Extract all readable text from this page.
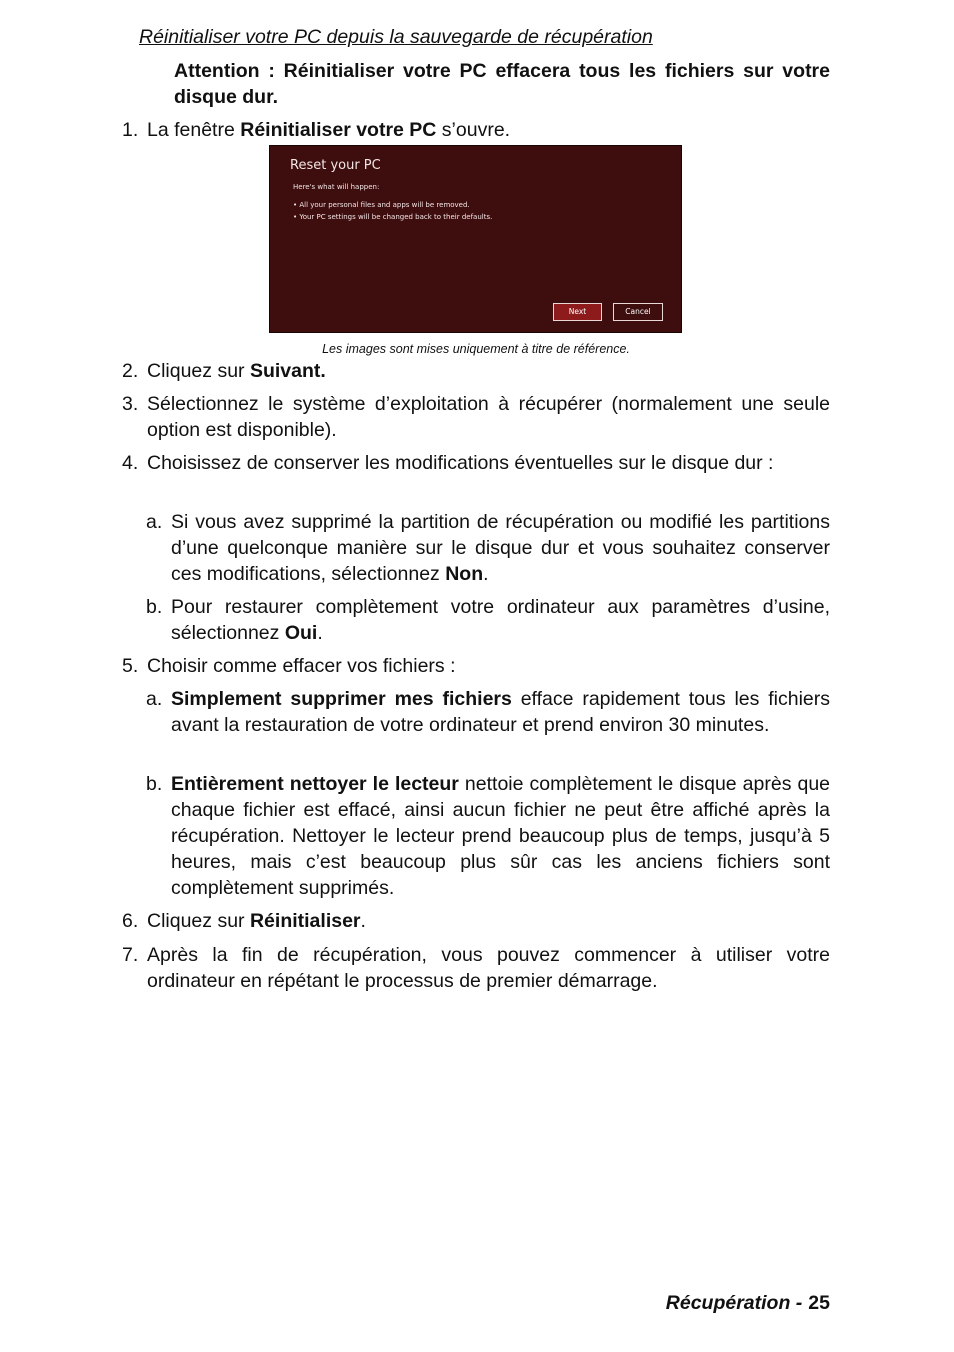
Réinitialiser votre PC depuis la sauvegarde de récupération
Attention : Réinitialiser votre PC effacera tous les fichiers sur votre disque dur.
1. La fenêtre Réinitialiser votre PC s’ouvre.
Reset your PC
Here's what will happen:
• All your personal files and apps will be removed.
• Your PC settings will be changed back to their defaults.
Next	Cancel
Les images sont mises uniquement à titre de référence.
2. Cliquez sur Suivant.
3. Sélectionnez le système d’exploitation à récupérer (normalement une seule option est disponible).
4. Choisissez de conserver les modifications éventuelles sur le disque dur :
a. Si vous avez supprimé la partition de récupération ou modifié les partitions d’une quelconque manière sur le disque dur et vous souhaitez conserver ces modifications, sélectionnez Non.
b. Pour restaurer complètement votre ordinateur aux paramètres d’usine, sélectionnez Oui.
5. Choisir comme effacer vos fichiers :
a. Simplement supprimer mes fichiers efface rapidement tous les fichiers avant la restauration de votre ordinateur et prend environ 30 minutes.
b. Entièrement nettoyer le lecteur nettoie complètement le disque après que chaque fichier est effacé, ainsi aucun fichier ne peut être affiché après la récupération. Nettoyer le lecteur prend beaucoup plus de temps, jusqu’à 5 heures, mais c’est beaucoup plus sûr cas les anciens fichiers sont complètement supprimés.
6. Cliquez sur Réinitialiser.
7. Après la fin de récupération, vous pouvez commencer à utiliser votre ordinateur en répétant le processus de premier démarrage.
Récupération - 25
